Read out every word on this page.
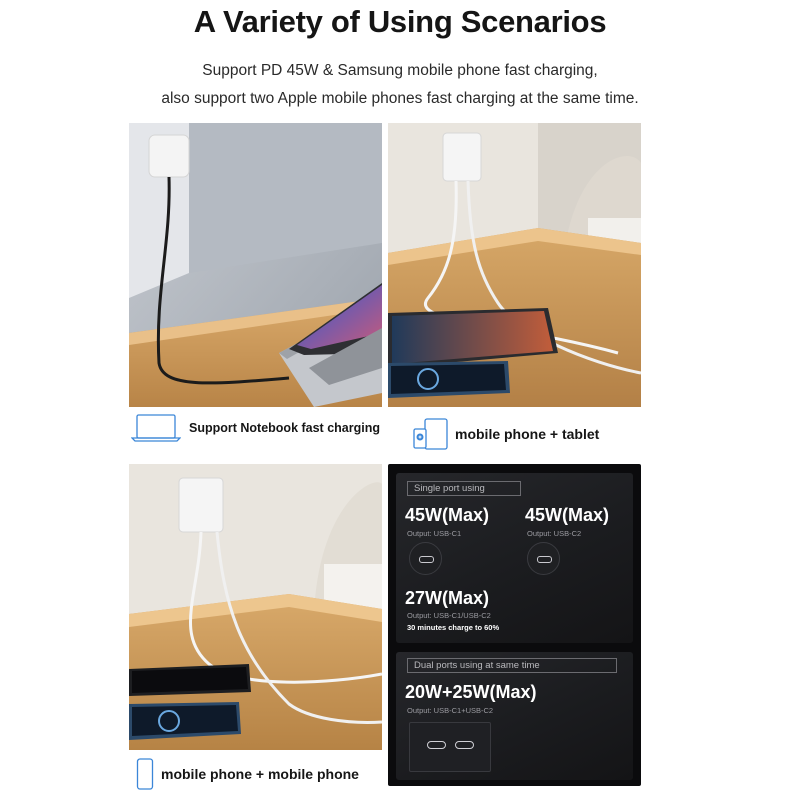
A Variety of Using Scenarios
Support PD 45W & Samsung mobile phone fast charging,
also support two Apple mobile phones fast charging at the same time.
Support Notebook fast charging	mobile phone + tablet
mobile phone + mobile phone
Single port using
45W(Max)
Output: USB-C1
45W(Max)
Output: USB-C2
27W(Max)
Output: USB-C1/USB-C2
30 minutes charge to 60%
Dual ports using at same time
20W+25W(Max)
Output: USB-C1+USB-C2
